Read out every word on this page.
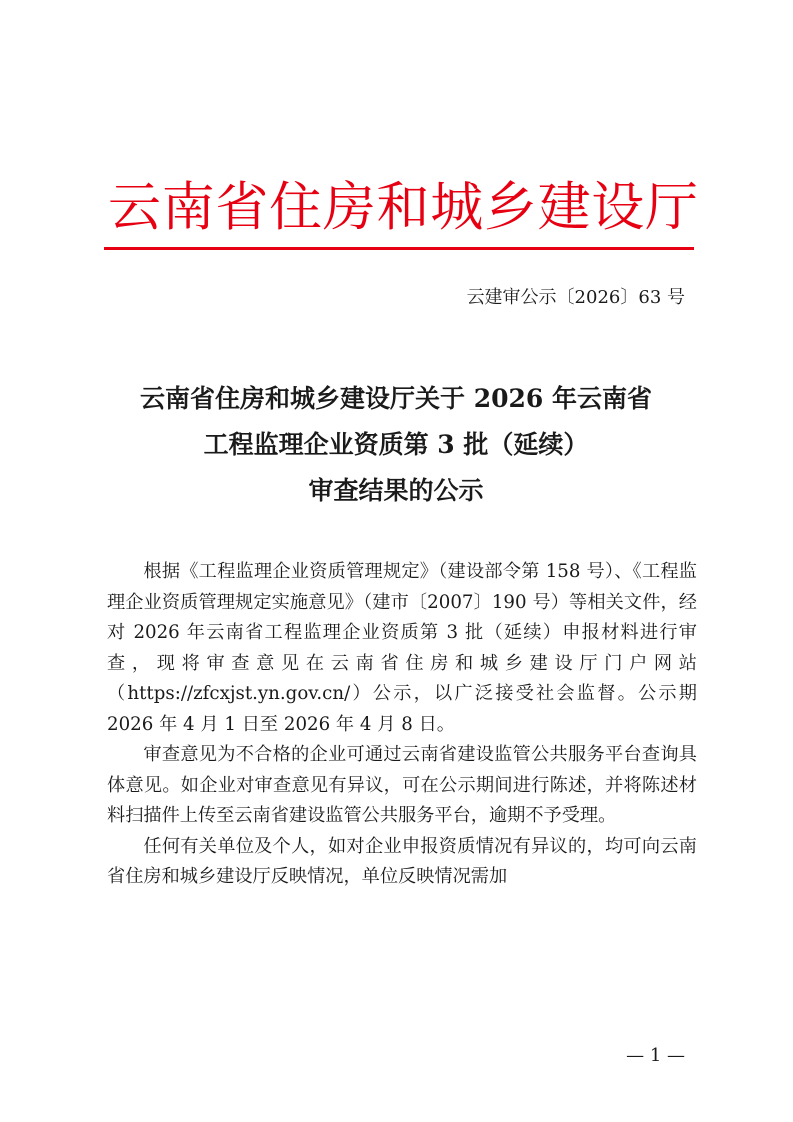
云南省住房和城乡建设厅
云建审公示〔2026〕63 号
云南省住房和城乡建设厅关于 2026 年云南省
工程监理企业资质第 3 批（延续）
审查结果的公示

根据《工程监理企业资质管理规定》（建设部令第 158 号）、《工程监理企业资质管理规定实施意见》（建市〔2007〕190 号）等相关文件，经对 2026 年云南省工程监理企业资质第 3 批（延续）申报材料进行审查，现将审查意见在云南省住房和城乡建设厅门户网站（https://zfcxjst.yn.gov.cn/）公示，以广泛接受社会监督。公示期 2026 年 4 月 1 日至 2026 年 4 月 8 日。

审查意见为不合格的企业可通过云南省建设监管公共服务平台查询具体意见。如企业对审查意见有异议，可在公示期间进行陈述，并将陈述材料扫描件上传至云南省建设监管公共服务平台，逾期不予受理。

任何有关单位及个人，如对企业申报资质情况有异议的，均可向云南省住房和城乡建设厅反映情况，单位反映情况需加

— 1 —
